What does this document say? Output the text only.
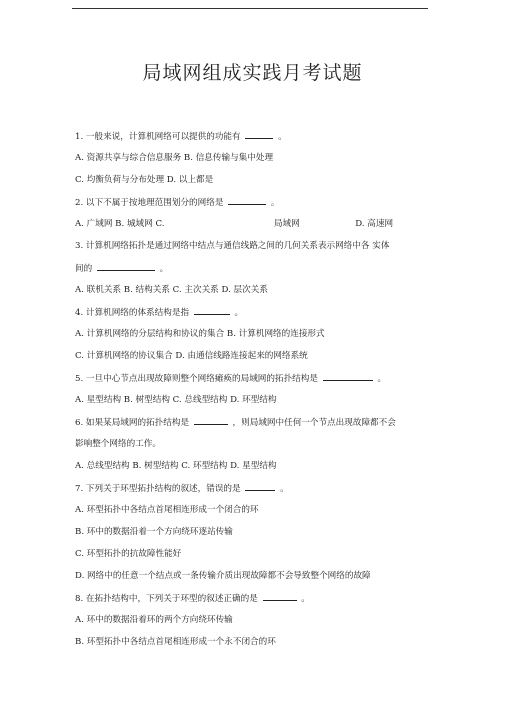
局域网组成实践月考试题
1. 一般来说，计算机网络可以提供的功能有	。
A. 资源共享与综合信息服务 B. 信息传输与集中处理
C. 均衡负荷与分布处理 D. 以上都是
2. 以下不属于按地理范围划分的网络是	。
A. 广域网 B. 城域网 C.	局域网	D. 高速网
3. 计算机网络拓扑是通过网络中结点与通信线路之间的几何关系表示网络中各 实体
间的	。
A. 联机关系 B. 结构关系 C. 主次关系 D. 层次关系
4. 计算机网络的体系结构是指	。
A. 计算机网络的分层结构和协议的集合 B. 计算机网络的连接形式
C. 计算机网络的协议集合 D. 由通信线路连接起来的网络系统
5. 一旦中心节点出现故障则整个网络瘫痪的局域网的拓扑结构是	。
A. 星型结构 B. 树型结构 C. 总线型结构 D. 环型结构
6. 如果某局域网的拓扑结构是	，则局域网中任何一个节点出现故障都不会
影响整个网络的工作。
A. 总线型结构 B. 树型结构 C. 环型结构 D. 星型结构
7. 下列关于环型拓扑结构的叙述，错误的是	。
A. 环型拓扑中各结点首尾相连形成一个闭合的环
B. 环中的数据沿着一个方向绕环逐站传输
C. 环型拓扑的抗故障性能好
D. 网络中的任意一个结点或一条传输介质出现故障都不会导致整个网络的故障
8. 在拓扑结构中，下列关于环型的叙述正确的是	。
A. 环中的数据沿着环的两个方向绕环传输
B. 环型拓扑中各结点首尾相连形成一个永不闭合的环
